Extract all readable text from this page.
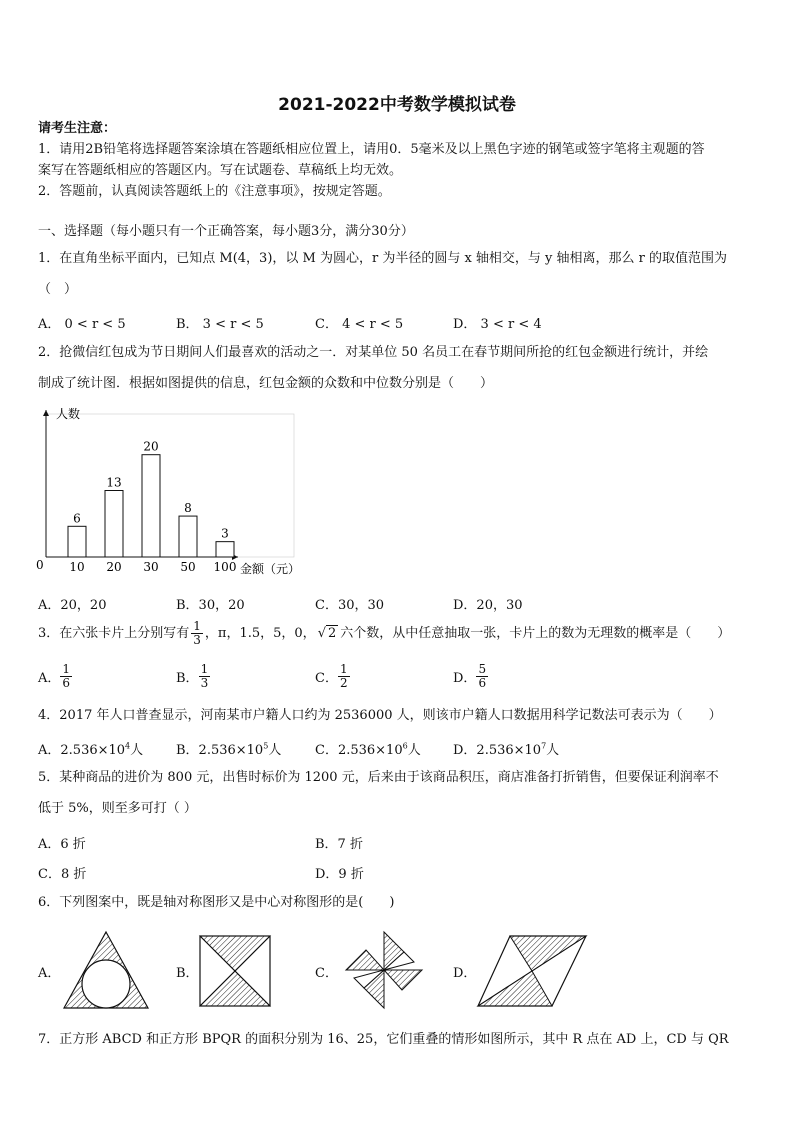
2021-2022中考数学模拟试卷
请考生注意：
1．请用2B铅笔将选择题答案涂填在答题纸相应位置上，请用0．5毫米及以上黑色字迹的钢笔或签字笔将主观题的答
案写在答题纸相应的答题区内。写在试题卷、草稿纸上均无效。
2．答题前，认真阅读答题纸上的《注意事项》，按规定答题。
一、选择题（每小题只有一个正确答案，每小题3分，满分30分）
1．在直角坐标平面内，已知点 M(4，3)，以 M 为圆心，r 为半径的圆与 x 轴相交，与 y 轴相离，那么 r 的取值范围为
（　）
A． 0 < r < 5	B． 3 < r < 5	C． 4 < r < 5	D． 3 < r < 4
2．抢微信红包成为节日期间人们最喜欢的活动之一．对某单位 50 名员工在春节期间所抢的红包金额进行统计，并绘
制成了统计图．根据如图提供的信息，红包金额的众数和中位数分别是（　　）
人数
金额（元）
0
6
10
13
20
20
30
8
50
3
100
A．20，20	B．30，20	C．30，30	D．20，30
3．在六张卡片上分别写有 $\frac{1}{3}$ ，π，1.5，5，0， √ 2 六个数，从中任意抽取一张，卡片上的数为无理数的概率是（　　）
A． $\frac{1}{6}$	B． $\frac{1}{3}$	C． $\frac{1}{2}$	D． $\frac{5}{6}$
4．2017 年人口普查显示，河南某市户籍人口约为 2536000 人，则该市户籍人口数据用科学记数法可表示为（　　）
A．$2.536\times 10^4$人	B．$2.536\times 10^5$人	C．$2.536\times 10^6$人 D．$2.536\times 10^7$人
5．某种商品的进价为 800 元，出售时标价为 1200 元，后来由于该商品积压，商店准备打折销售，但要保证利润率不
低于 5%，则至多可打（ ）
A．6 折	B．7 折
C．8 折	D．9 折
6．下列图案中，既是轴对称图形又是中心对称图形的是(　　)
A．	B．	C．	D．
7．正方形 ABCD 和正方形 BPQR 的面积分别为 16、25，它们重叠的情形如图所示，其中 R 点在 AD 上，CD 与 QR
